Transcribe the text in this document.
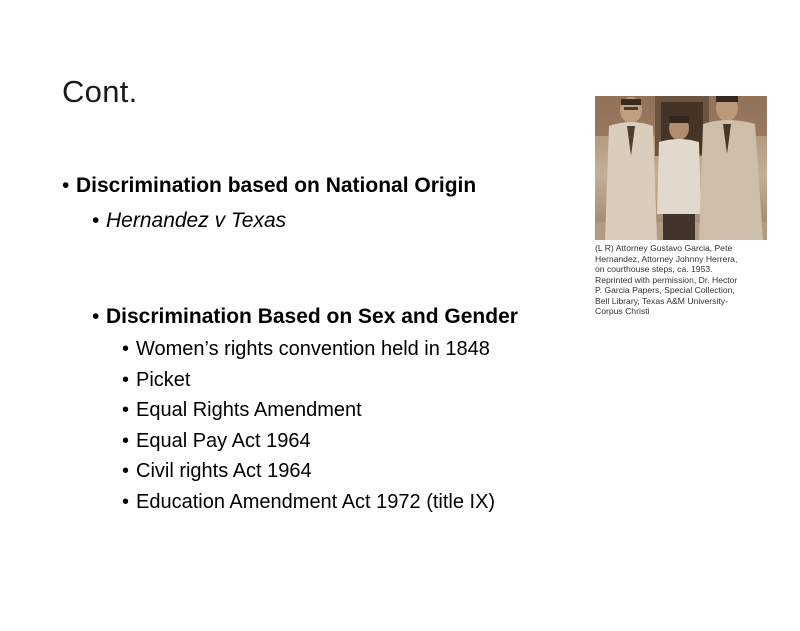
Cont.
• Discrimination based on National Origin
• Hernandez v Texas
• Discrimination Based on Sex and Gender
• Women’s rights convention held in 1848
• Picket
• Equal Rights Amendment
• Equal Pay Act 1964
• Civil rights Act 1964
• Education Amendment Act 1972 (title IX)
(L R) Attorney Gustavo Garcia, Pete
Hernandez, Attorney Johnny Herrera,
on courthouse steps, ca. 1953.
Reprinted with permission, Dr. Hector
P. Garcia Papers, Special Collection,
Bell Library, Texas A&M University-
Corpus Christi
